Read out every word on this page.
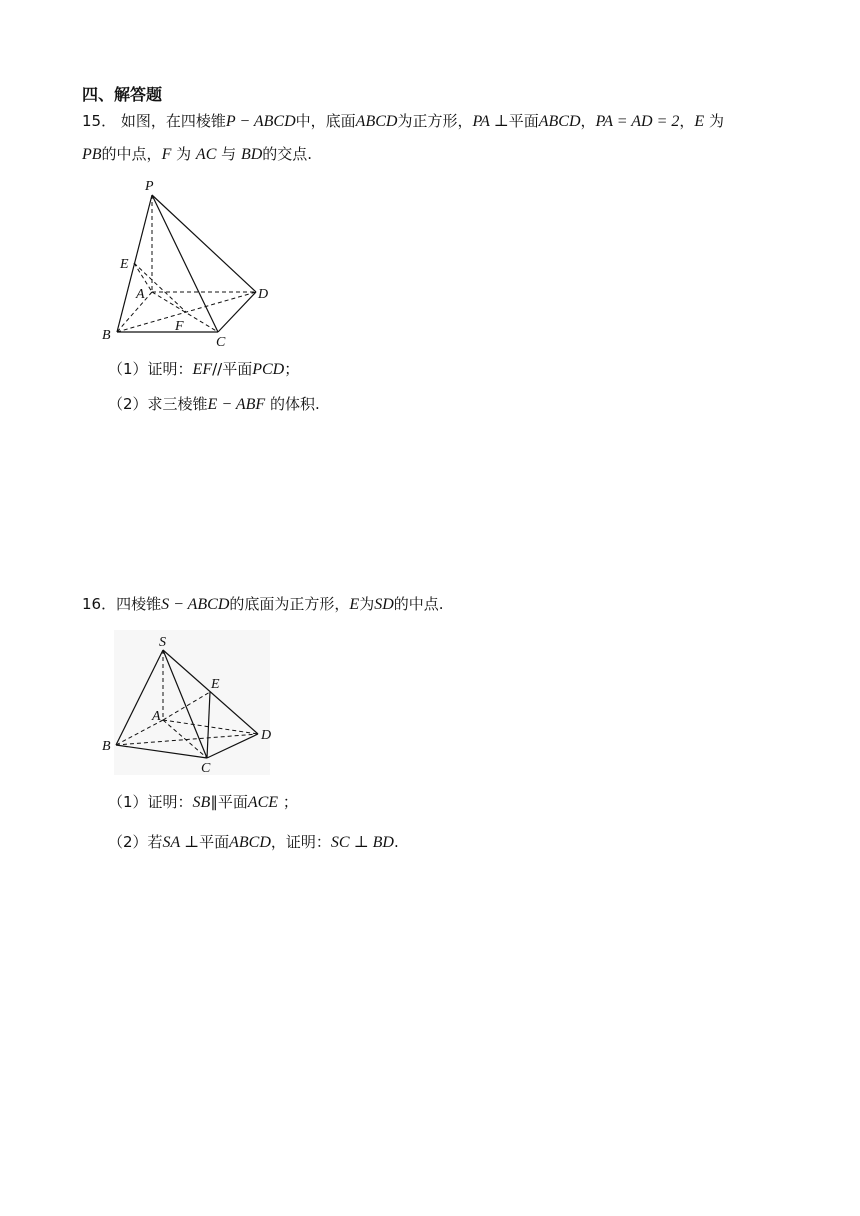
四、解答题
15． 如图，在四棱锥P − ABCD中，底面ABCD为正方形，PA ⊥平面ABCD，PA = AD = 2，E 为
PB的中点，F 为 AC 与 BD的交点.
P
E
A	D
B
F
C
（1）证明：EF//平面PCD；
（2）求三棱锥E − ABF 的体积.
16．四棱锥S − ABCD的底面为正方形，E为SD的中点.
S
E
A
D
B
C
（1）证明：SB∥平面ACE ；
（2）若SA ⊥平面ABCD，证明：SC ⊥ BD.
